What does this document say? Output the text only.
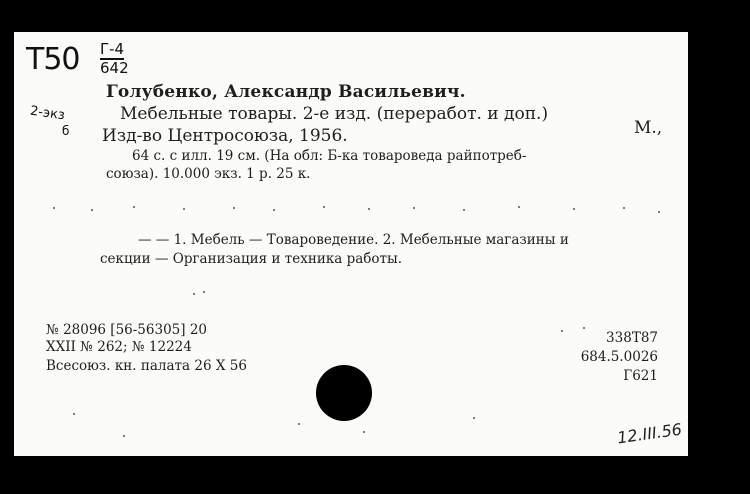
T50 Г-4
642
2-экз
б
Голубенко, Александр Васильевич.
Мебельные товары. 2-е изд. (переработ. и доп.)
М.,
Изд-во Центросоюза, 1956.
64 с. с илл. 19 см. (На обл: Б-ка товароведа райпотреб-
союза). 10.000 экз. 1 р. 25 к.
— — 1. Мебель — Товароведение. 2. Мебельные магазины и
секции — Организация и техника работы.
№ 28096 [56-56305] 20
XXII № 262; № 12224
Всесоюз. кн. палата 26 X 56
338Т87
684.5.0026
Г621
12.III.56
